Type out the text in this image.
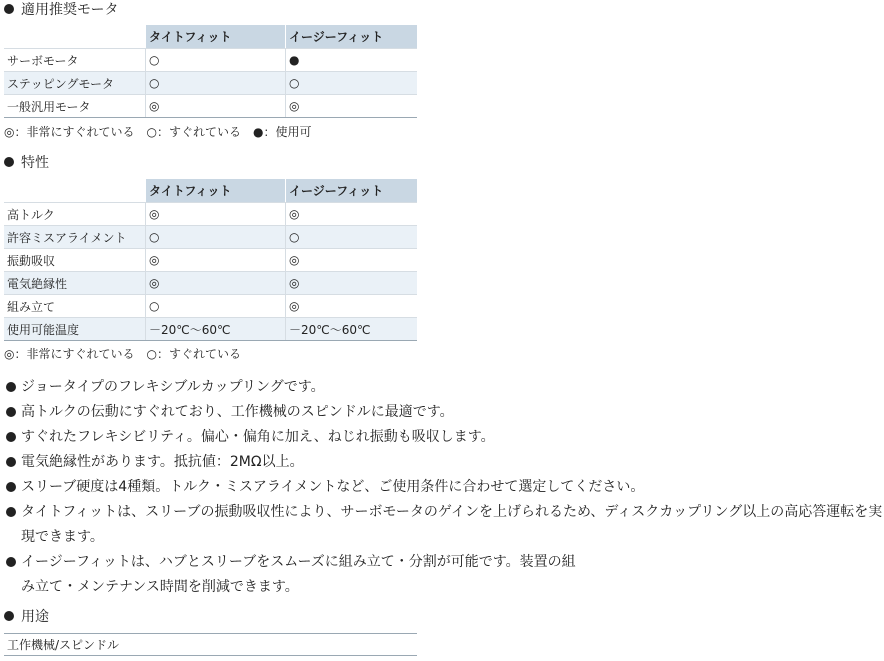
適用推奨モータ
	タイトフィット	イージーフィット
サーボモータ	○	●
ステッピングモータ	○	○
一般汎用モータ	◎	◎
◎：非常にすぐれている ○：すぐれている ●：使用可
特性
	タイトフィット	イージーフィット
高トルク	◎	◎
許容ミスアライメント	○	○
振動吸収	◎	◎
電気絶縁性	◎	◎
組み立て	○	◎
使用可能温度	－20℃～60℃	－20℃～60℃
◎：非常にすぐれている ○：すぐれている
ジョータイプのフレキシブルカップリングです。
高トルクの伝動にすぐれており、工作機械のスピンドルに最適です。
すぐれたフレキシビリティ。偏心・偏角に加え、ねじれ振動も吸収します。
電気絶縁性があります。抵抗値：2MΩ以上。
スリーブ硬度は4種類。トルク・ミスアライメントなど、ご使用条件に合わせて選定してください。
タイトフィットは、スリーブの振動吸収性により、サーボモータのゲインを上げられるため、ディスクカップリング以上の高応答運転を実現できます。
イージーフィットは、ハブとスリーブをスムーズに組み立て・分割が可能です。装置の組み立て・メンテナンス時間を削減できます。
用途
工作機械/スピンドル
